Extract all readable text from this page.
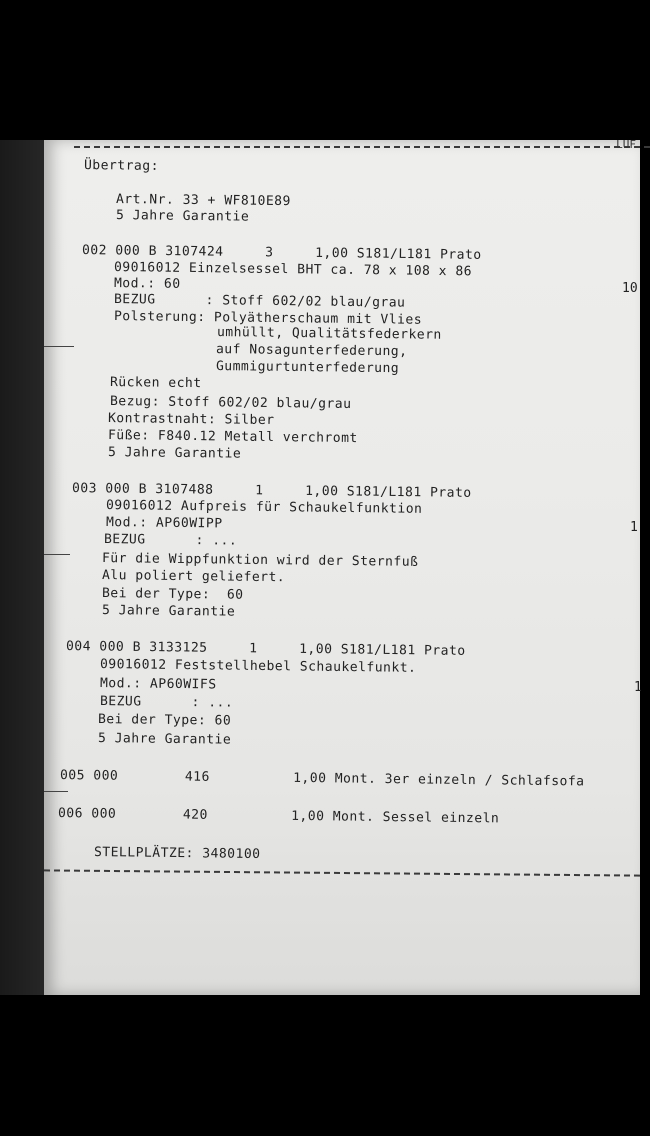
LUF
Übertrag:
Art.Nr. 33 + WF810E89
5 Jahre Garantie
002 000 B 3107424     3     1,00 S181/L181 Prato
09016012 Einzelsessel BHT ca. 78 x 108 x 86
Mod.: 60
BEZUG      : Stoff 602/02 blau/grau
Polsterung: Polyätherschaum mit Vlies
umhüllt, Qualitätsfederkern
auf Nosagunterfederung,
Gummigurtunterfederung
Rücken echt
Bezug: Stoff 602/02 blau/grau
Kontrastnaht: Silber
Füße: F840.12 Metall verchromt
5 Jahre Garantie
003 000 B 3107488     1     1,00 S181/L181 Prato
09016012 Aufpreis für Schaukelfunktion
Mod.: AP60WIPP
BEZUG      : ...
Für die Wippfunktion wird der Sternfuß
Alu poliert geliefert.
Bei der Type:  60
5 Jahre Garantie
004 000 B 3133125     1     1,00 S181/L181 Prato
09016012 Feststellhebel Schaukelfunkt.
Mod.: AP60WIFS
BEZUG      : ...
Bei der Type: 60
5 Jahre Garantie
005 000        416          1,00 Mont. 3er einzeln / Schlafsofa
006 000        420          1,00 Mont. Sessel einzeln
STELLPLÄTZE: 3480100
10
1
1
